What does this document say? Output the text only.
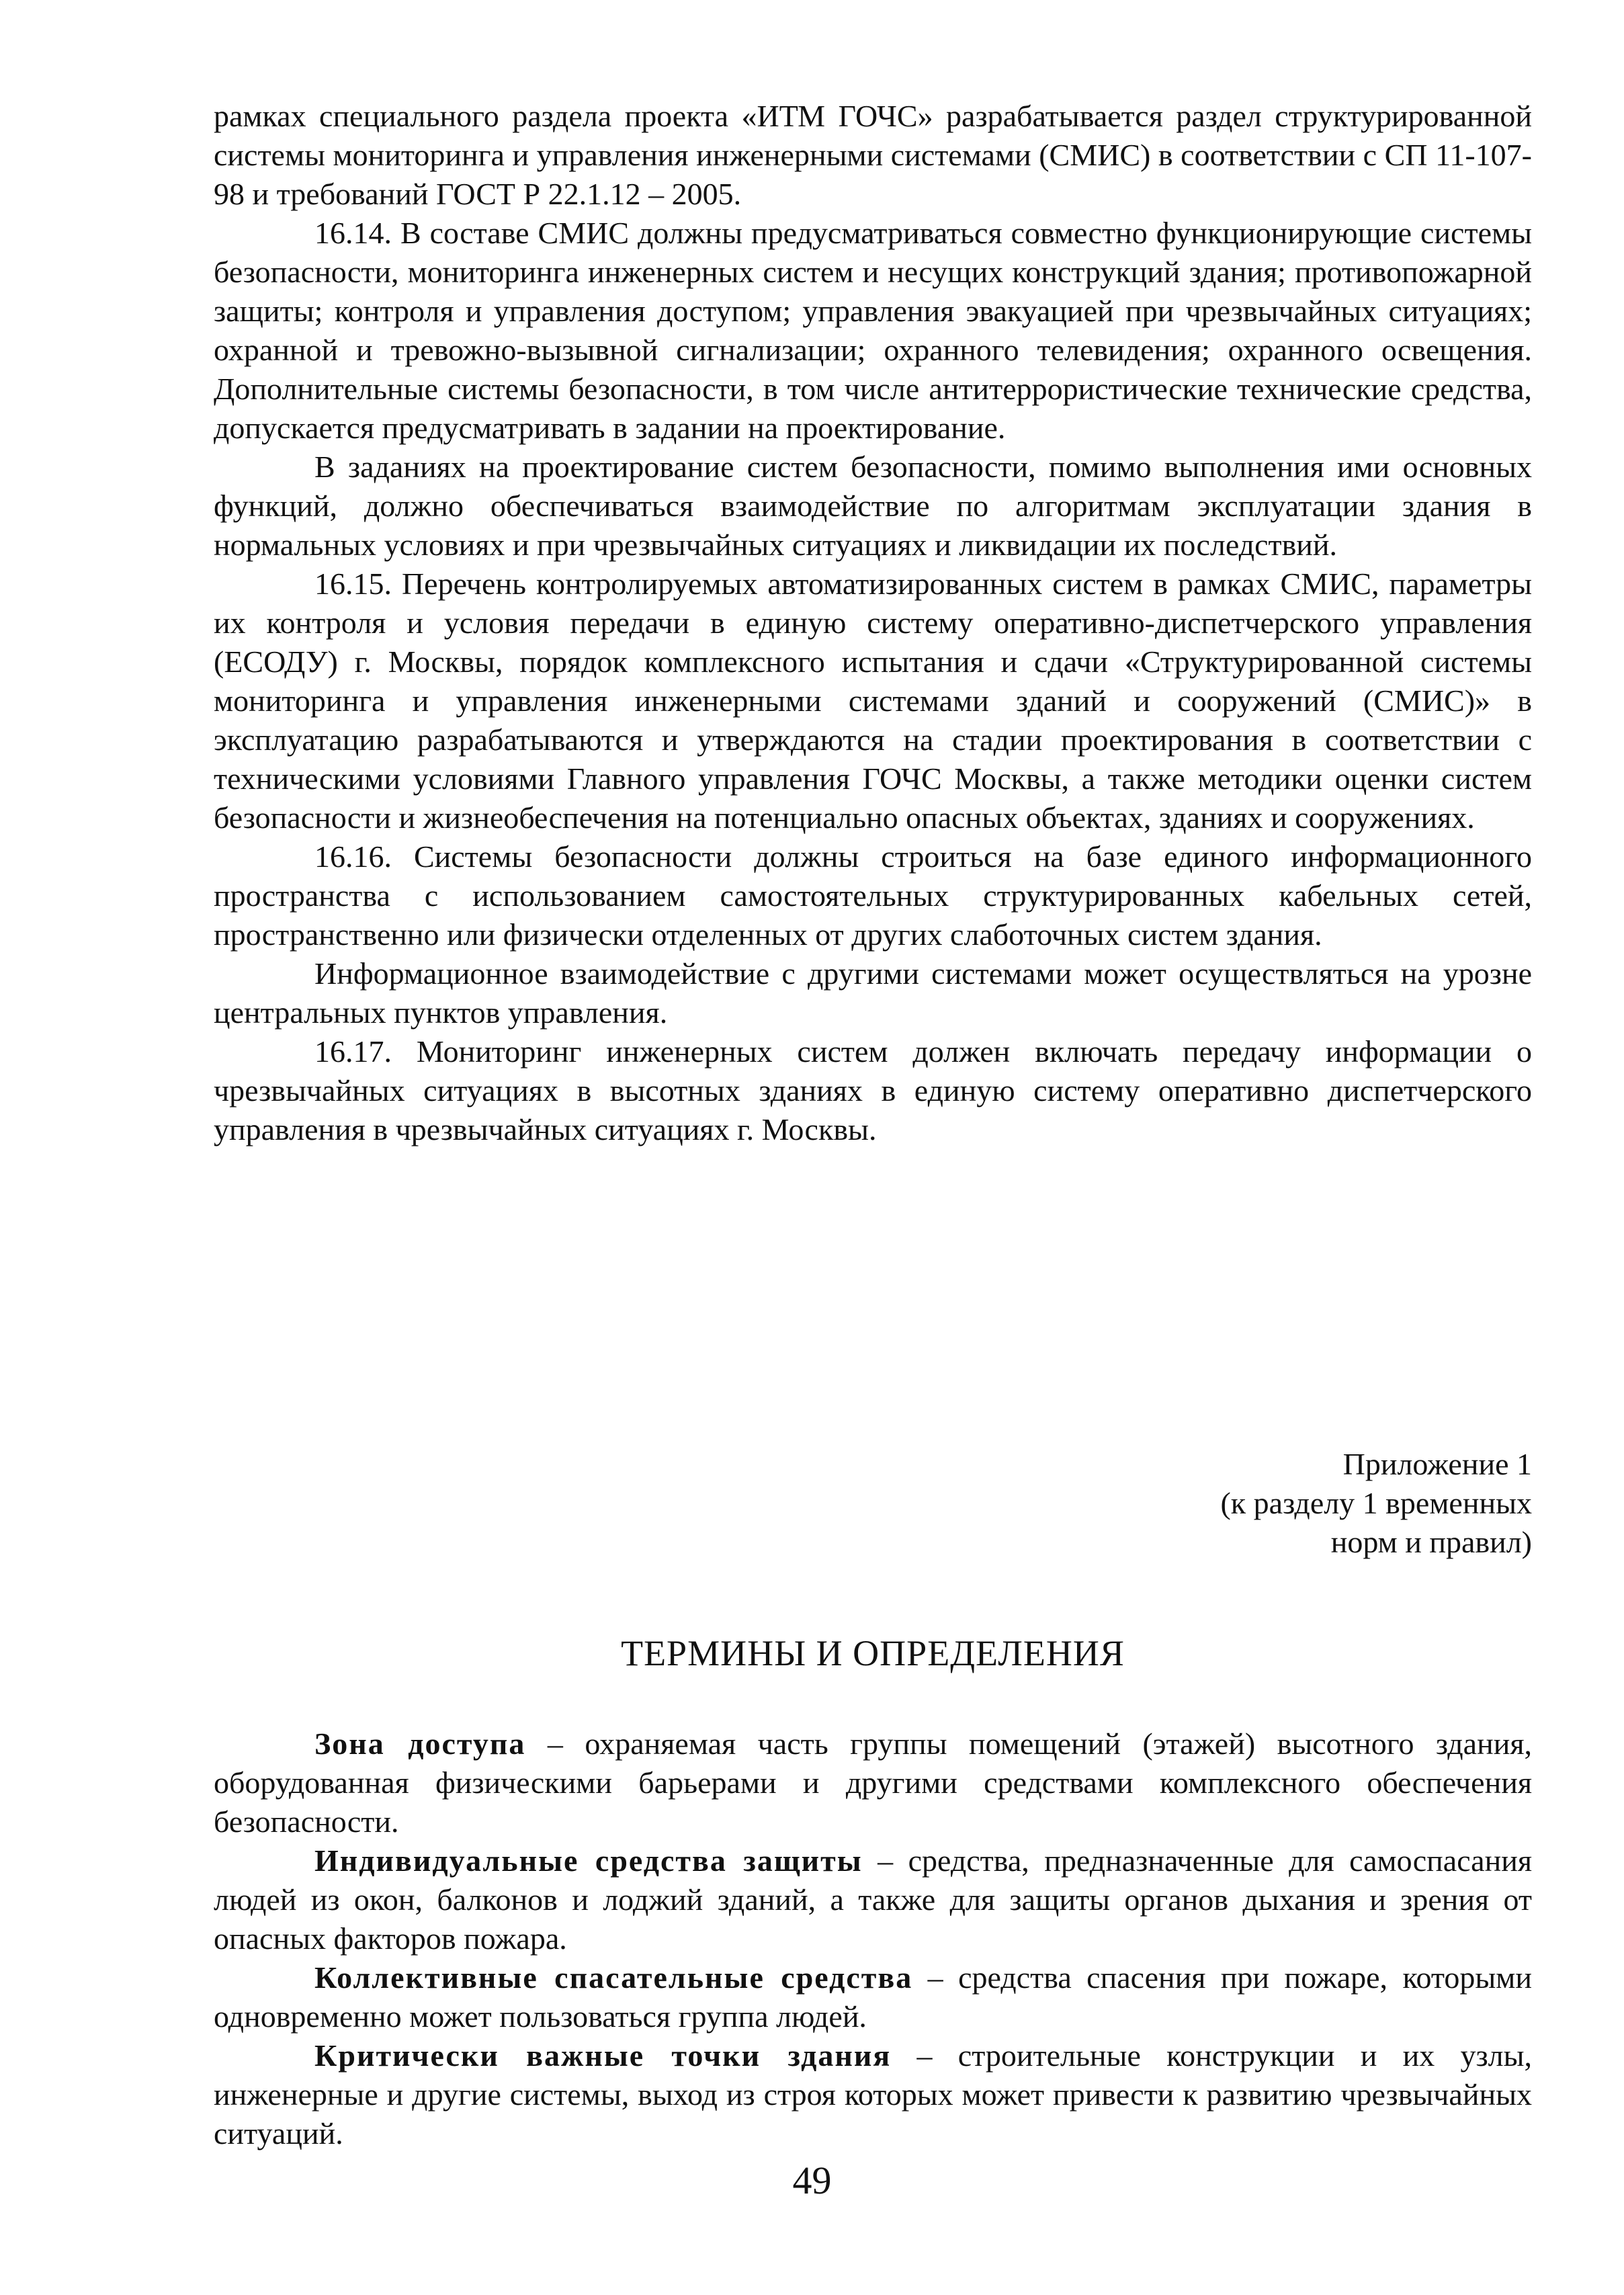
рамках специального раздела проекта «ИТМ ГОЧС» разрабатывается раздел структурированной системы мониторинга и управления инженерными системами (СМИС) в соответствии с СП 11-107-98 и требований ГОСТ Р 22.1.12 – 2005.

16.14. В составе СМИС должны предусматриваться совместно функционирующие системы безопасности, мониторинга инженерных систем и несущих конструкций здания; противопожарной защиты; контроля и управления доступом; управления эвакуацией при чрезвычайных ситуациях; охранной и тревожно-вызывной сигнализации; охранного телевидения; охранного освещения. Дополнительные системы безопасности, в том числе антитеррористические технические средства, допускается предусматривать в задании на проектирование.

В заданиях на проектирование систем безопасности, помимо выполнения ими основных функций, должно обеспечиваться взаимодействие по алгоритмам эксплуатации здания в нормальных условиях и при чрезвычайных ситуациях и ликвидации их последствий.

16.15. Перечень контролируемых автоматизированных систем в рамках СМИС, параметры их контроля и условия передачи в единую систему оперативно-диспетчерского управления (ЕСОДУ) г. Москвы, порядок комплексного испытания и сдачи «Структурированной системы мониторинга и управления инженерными системами зданий и сооружений (СМИС)» в эксплуатацию разрабатываются и утверждаются на стадии проектирования в соответствии с техническими условиями Главного управления ГОЧС Москвы, а также методики оценки систем безопасности и жизнеобеспечения на потенциально опасных объектах, зданиях и сооружениях.

16.16. Системы безопасности должны строиться на базе единого информационного пространства с использованием самостоятельных структурированных кабельных сетей, пространственно или физически отделенных от других слаботочных систем здания.

Информационное взаимодействие с другими системами может осуществляться на урозне центральных пунктов управления.

16.17. Мониторинг инженерных систем должен включать передачу информации о чрезвычайных ситуациях в высотных зданиях в единую систему оперативно диспетчерского управления в чрезвычайных ситуациях г. Москвы.

Приложение 1
(к разделу 1 временных
норм и правил)
ТЕРМИНЫ И ОПРЕДЕЛЕНИЯ

Зона доступа – охраняемая часть группы помещений (этажей) высотного здания, оборудованная физическими барьерами и другими средствами комплексного обеспечения безопасности.

Индивидуальные средства защиты – средства, предназначенные для самоспасания людей из окон, балконов и лоджий зданий, а также для защиты органов дыхания и зрения от опасных факторов пожара.

Коллективные спасательные средства – средства спасения при пожаре, которыми одновременно может пользоваться группа людей.

Критически важные точки здания – строительные конструкции и их узлы, инженерные и другие системы, выход из строя которых может привести к развитию чрезвычайных ситуаций.

49
